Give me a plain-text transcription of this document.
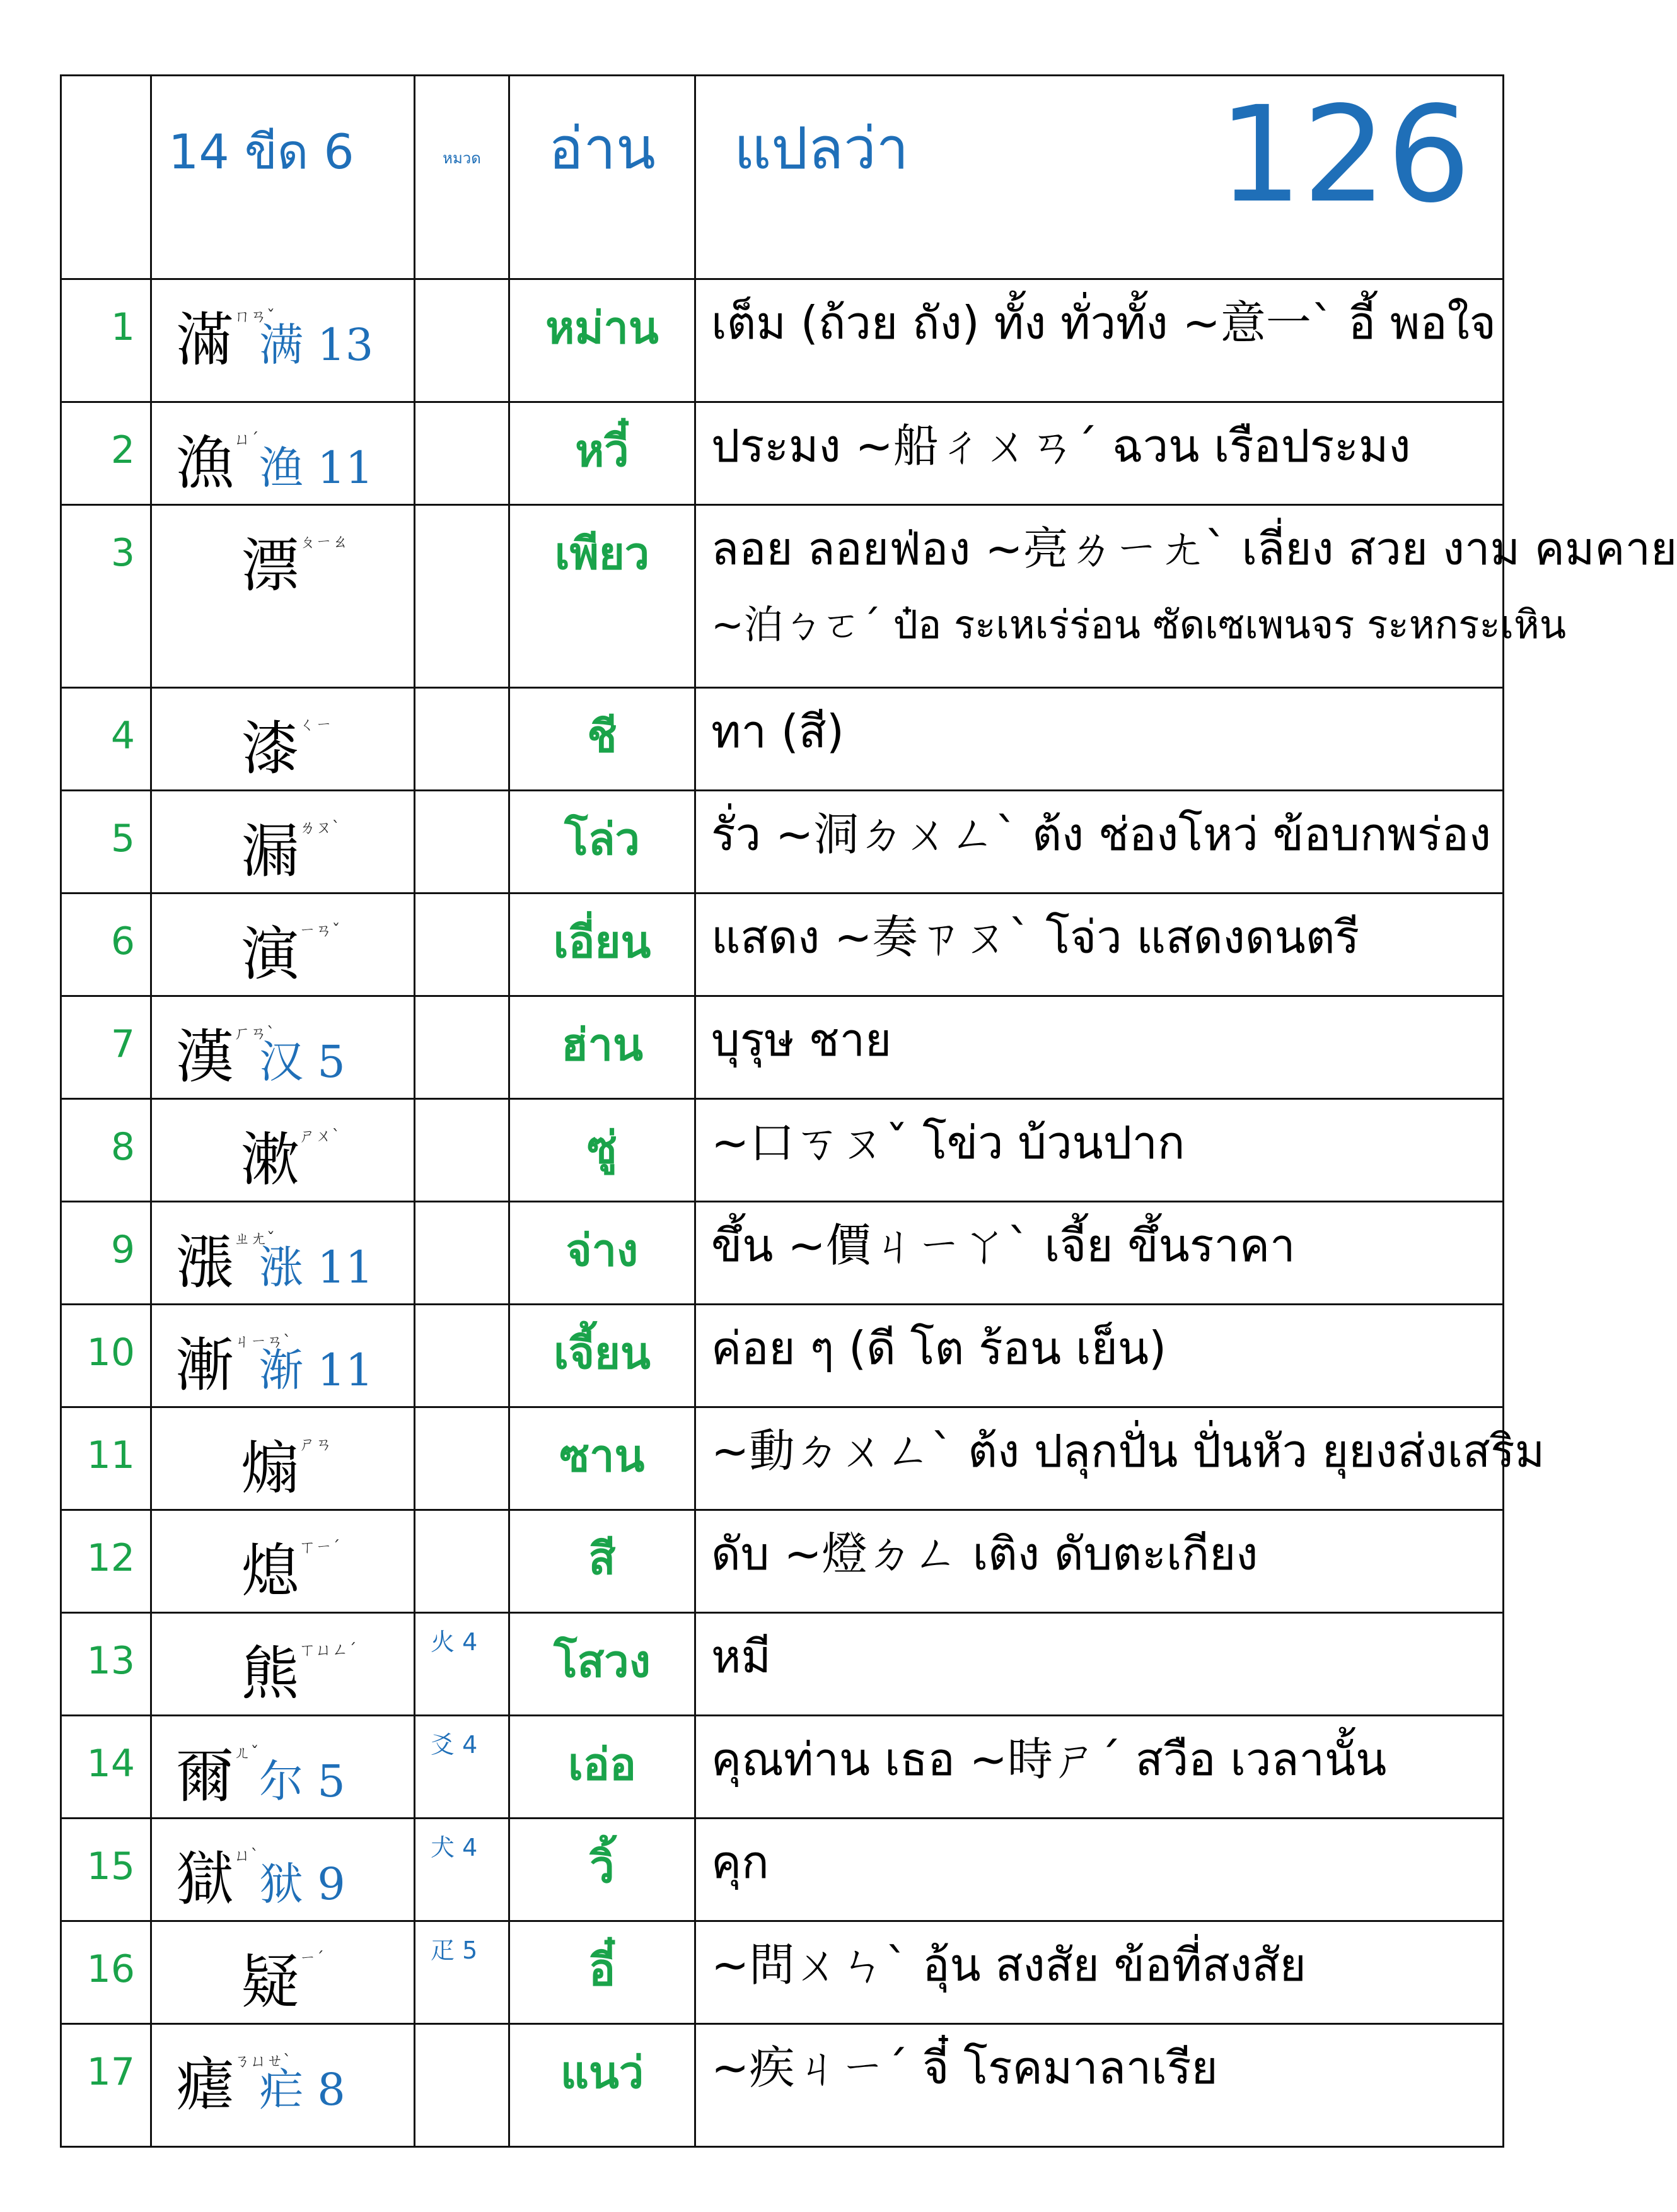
	14 ขีด 6	หมวด	อ่าน	แปลว่า 126

1	滿ㄇㄢˇ满 13		หม่าน	เต็ม (ถ้วย ถัง) ทั้ง ทั่วทั้ง ~意一ˋ อี้ พอใจ
2	漁ㄩˊ渔 11		หวี๋	ประมง ~船ㄔㄨㄢˊ ฉวน เรือประมง
3	漂ㄆㄧㄠ		เพียว	ลอย ลอยฟ่อง ~亮ㄌㄧㄤˋ เลี่ยง สวย งาม คมคาย
~泊ㄅㄛˊ ป๋อ ระเหเร่ร่อน ซัดเซเพนจร ระหกระเหิน

4	漆ㄑㄧ		ชี	ทา (สี)
5	漏ㄌㄡˋ		โล่ว	รั่ว ~洞ㄉㄨㄥˋ ต้ง ช่องโหว่ ข้อบกพร่อง
6	演ㄧㄢˇ		เอี่ยน	แสดง ~奏ㄗㄡˋ โจ่ว แสดงดนตรี
7	漢ㄏㄢˋ汉 5		ฮ่าน	บุรุษ ชาย
8	漱ㄕㄨˋ		ซู่	~口ㄎㄡˇ โข่ว บ้วนปาก
9	漲ㄓㄤˇ涨 11		จ่าง	ขึ้น ~價ㄐㄧㄚˋ เจี้ย ขึ้นราคา
10	漸ㄐㄧㄢˋ渐 11		เจี้ยน	ค่อย ๆ (ดี โต ร้อน เย็น)
11	煽ㄕㄢ		ซาน	~動ㄉㄨㄥˋ ต้ง ปลุกปั่น ปั่นหัว ยุยงส่งเสริม
12	熄ㄒㄧˊ		สี	ดับ ~燈ㄉㄥ เติง ดับตะเกียง
13	熊ㄒㄩㄥˊ	火 4	โสวง	หมี
14	爾ㄦˇ尔 5	爻 4	เอ่อ	คุณท่าน เธอ ~時ㄕˊ สวือ เวลานั้น
15	獄ㄩˋ狱 9	犬 4	วิ้	คุก
16	疑ㄧˊ	疋 5	อี๋	~問ㄨㄣˋ อุ้น สงสัย ข้อที่สงสัย
17	瘧ㄋㄩㄝˋ疟 8		แนว่	~疾ㄐㄧˊ จี๋ โรคมาลาเรีย
